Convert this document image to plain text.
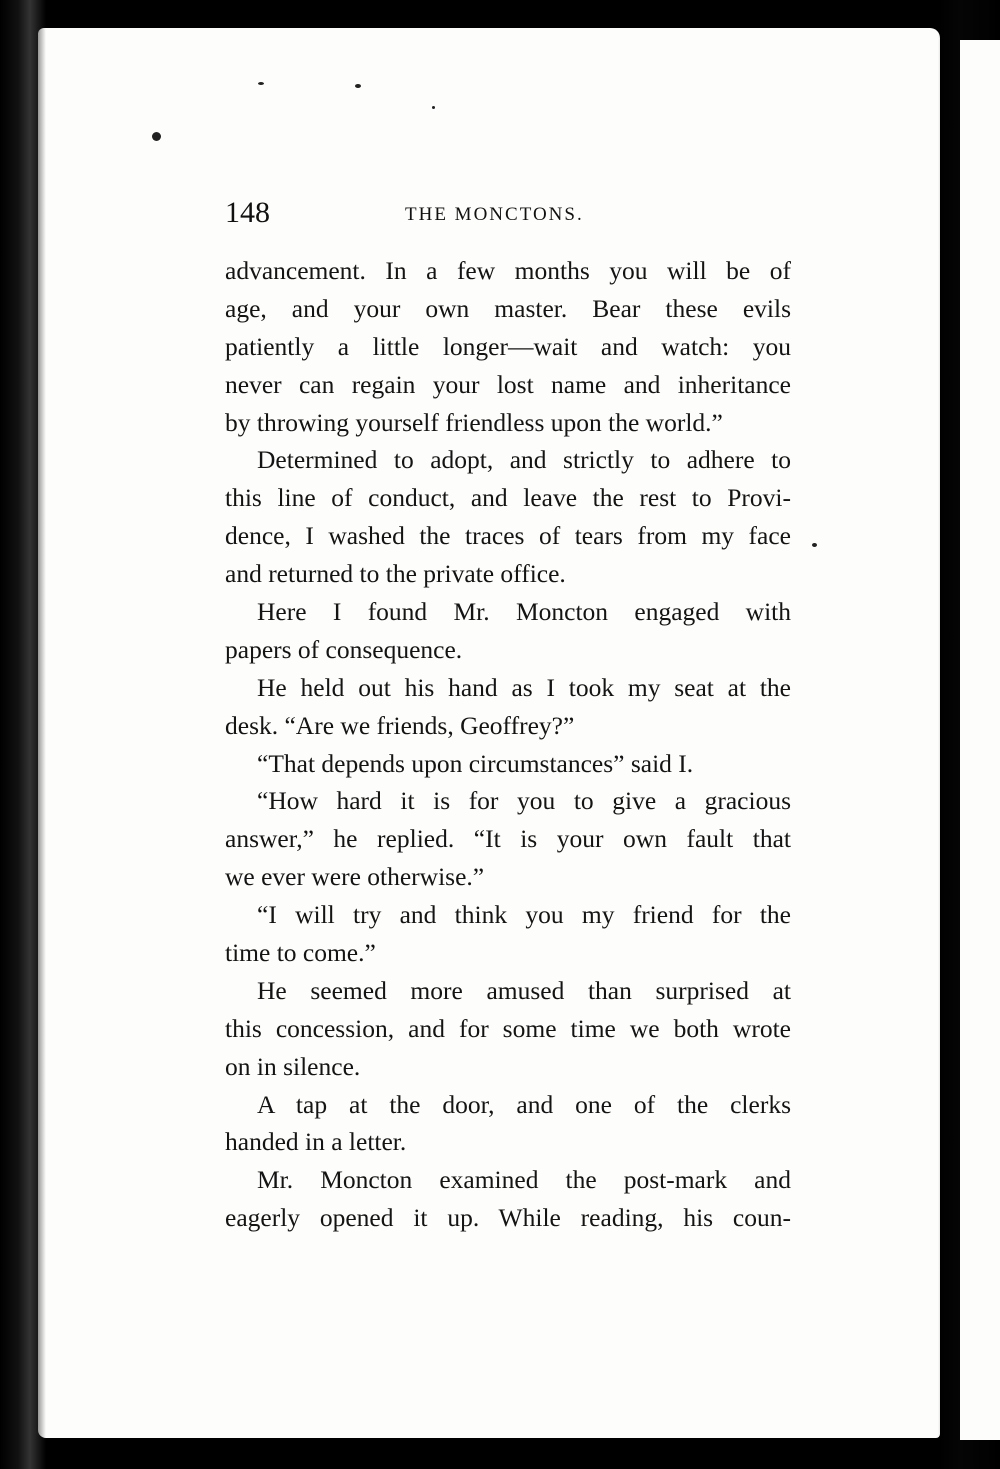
148	THE MONCTONS.
advancement. In a few months you will be of
age, and your own master. Bear these evils
patiently a little longer—wait and watch: you
never can regain your lost name and inheritance
by throwing yourself friendless upon the world.”
Determined to adopt, and strictly to adhere to
this line of conduct, and leave the rest to Provi-
dence, I washed the traces of tears from my face
and returned to the private office.
Here I found Mr. Moncton engaged with
papers of consequence.
He held out his hand as I took my seat at the
desk. “Are we friends, Geoffrey?”
“That depends upon circumstances” said I.
“How hard it is for you to give a gracious
answer,” he replied. “It is your own fault that
we ever were otherwise.”
“I will try and think you my friend for the
time to come.”
He seemed more amused than surprised at
this concession, and for some time we both wrote
on in silence.
A tap at the door, and one of the clerks
handed in a letter.
Mr. Moncton examined the post-mark and
eagerly opened it up. While reading, his coun-
